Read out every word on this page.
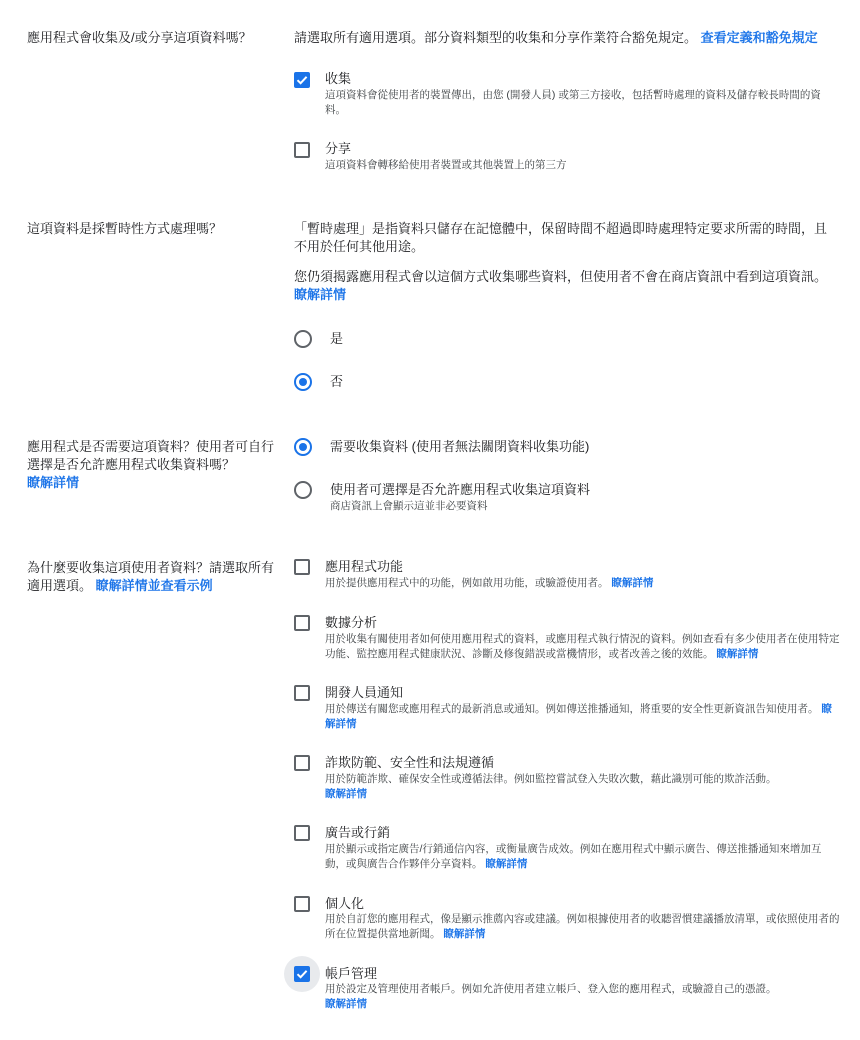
應用程式會收集及/或分享這項資料嗎？	請選取所有適用選項。部分資料類型的收集和分享作業符合豁免規定。 查看定義和豁免規定
收集
這項資料會從使用者的裝置傳出，由您 (開發人員) 或第三方接收，包括暫時處理的資料及儲存較長時間的資料。
分享
這項資料會轉移給使用者裝置或其他裝置上的第三方
這項資料是採暫時性方式處理嗎？	「暫時處理」是指資料只儲存在記憶體中，保留時間不超過即時處理特定要求所需的時間，且不用於任何其他用途。
您仍須揭露應用程式會以這個方式收集哪些資料，但使用者不會在商店資訊中看到這項資訊。
瞭解詳情
是
否
應用程式是否需要這項資料？使用者可自行選擇是否允許應用程式收集資料嗎？
瞭解詳情
需要收集資料 (使用者無法關閉資料收集功能)
使用者可選擇是否允許應用程式收集這項資料
商店資訊上會顯示這並非必要資料
為什麼要收集這項使用者資料？請選取所有適用選項。 瞭解詳情並查看示例
應用程式功能
用於提供應用程式中的功能，例如啟用功能，或驗證使用者。 瞭解詳情
數據分析
用於收集有關使用者如何使用應用程式的資料，或應用程式執行情況的資料。例如查看有多少使用者在使用特定功能、監控應用程式健康狀況、診斷及修復錯誤或當機情形，或者改善之後的效能。 瞭解詳情
開發人員通知
用於傳送有關您或應用程式的最新消息或通知。例如傳送推播通知，將重要的安全性更新資訊告知使用者。 瞭解詳情
詐欺防範、安全性和法規遵循
用於防範詐欺、確保安全性或遵循法律。例如監控嘗試登入失敗次數，藉此識別可能的欺詐活動。
瞭解詳情
廣告或行銷
用於顯示或指定廣告/行銷通信內容，或衡量廣告成效。例如在應用程式中顯示廣告、傳送推播通知來增加互動，或與廣告合作夥伴分享資料。 瞭解詳情
個人化
用於自訂您的應用程式，像是顯示推薦內容或建議。例如根據使用者的收聽習慣建議播放清單，或依照使用者的所在位置提供當地新聞。 瞭解詳情
帳戶管理
用於設定及管理使用者帳戶。例如允許使用者建立帳戶、登入您的應用程式，或驗證自己的憑證。
瞭解詳情
